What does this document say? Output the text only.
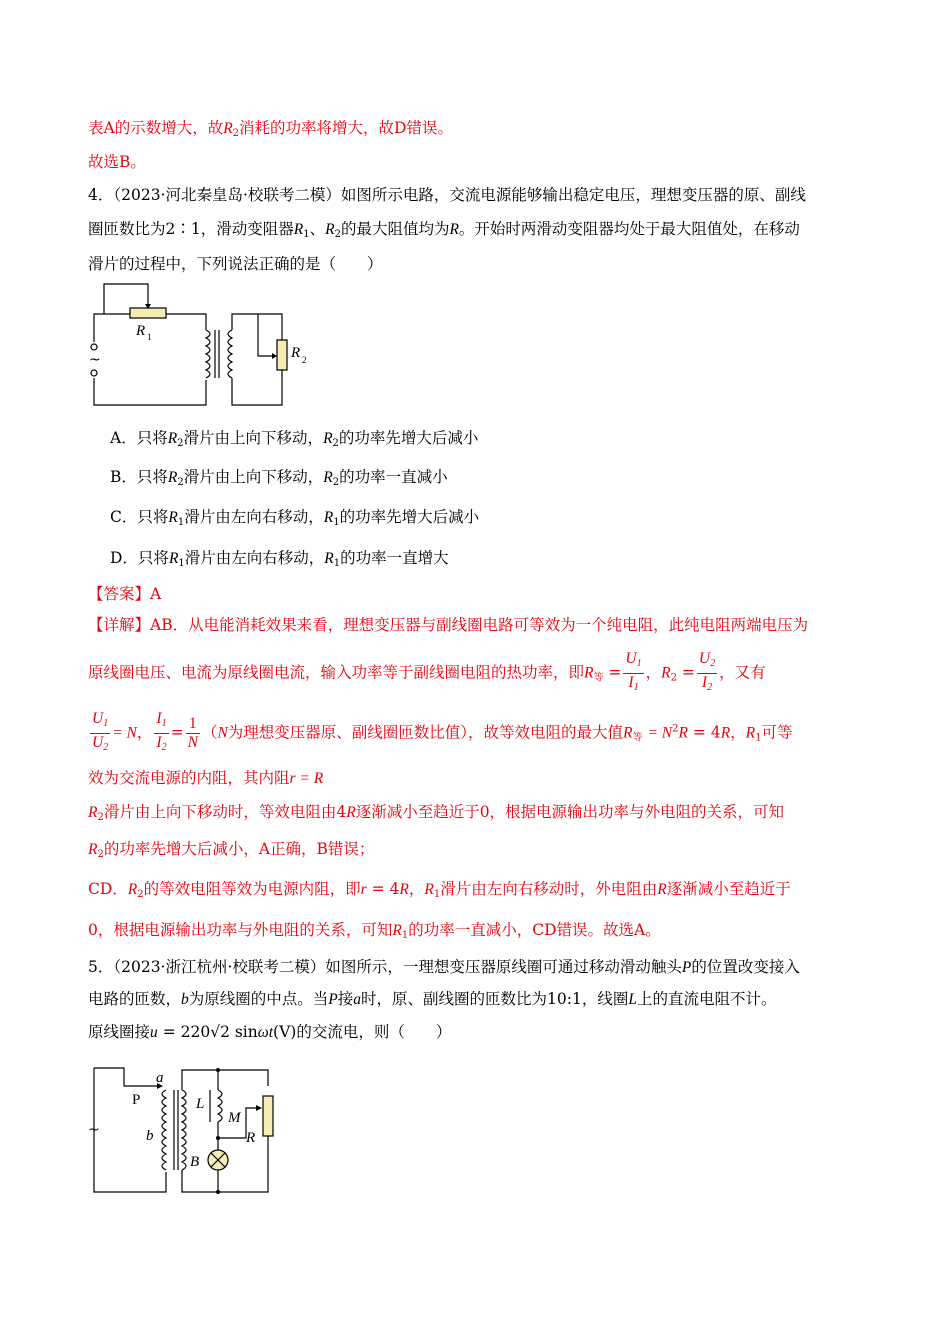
表A的示数增大，故$R_2$消耗的功率将增大，故D错误。
故选B。
4．（2023·河北秦皇岛·校联考二模）如图所示电路，交流电源能够输出稳定电压，理想变压器的原、副线
圈匝数比为2∶1，滑动变阻器$R_1$、$R_2$的最大阻值均为R。开始时两滑动变阻器均处于最大阻值处，在移动
滑片的过程中，下列说法正确的是（　　）
~
R 1
R 2
A．只将$R_2$滑片由上向下移动，$R_2$的功率先增大后减小
B．只将$R_2$滑片由上向下移动，$R_2$的功率一直减小
C．只将$R_1$滑片由左向右移动，$R_1$的功率先增大后减小
D．只将$R_1$滑片由左向右移动，$R_1$的功率一直增大
【答案】A
【详解】AB．从电能消耗效果来看，理想变压器与副线圈电路可等效为一个纯电阻，此纯电阻两端电压为
原线圈电压、电流为原线圈电流，输入功率等于副线圈电阻的热功率，即$R_等 = \frac{U_1}{I_1}$ ，$R_2 = \frac{U_2}{I_2}$ ，又有
$\frac{U_1}{U_2} = N$， $\frac{I_1}{I_2} = \frac{1}{N} (N$为理想变压器原、副线圈匝数比值），故等效电阻的最大值$R_等 = N^2R = 4R$，$R_1$可等
效为交流电源的内阻，其内阻r = R
$R_2$滑片由上向下移动时，等效电阻由4R逐渐减小至趋近于0，根据电源输出功率与外电阻的关系，可知
$R_2$的功率先增大后减小，A正确，B错误；
CD．$R_2$的等效电阻等效为电源内阻，即r = 4R，$R_1$滑片由左向右移动时，外电阻由R逐渐减小至趋近于
0，根据电源输出功率与外电阻的关系，可知$R_1$的功率一直减小，CD错误。故选A。
5．（2023·浙江杭州·校联考二模）如图所示，一理想变压器原线圈可通过移动滑动触头P的位置改变接入
电路的匝数，b为原线圈的中点。当P接a时，原、副线圈的匝数比为10:1，线圈L上的直流电阻不计。
原线圈接u = 220√2 sinωt(V)的交流电，则（　　）
~
a
P
b
L
M
R
B
